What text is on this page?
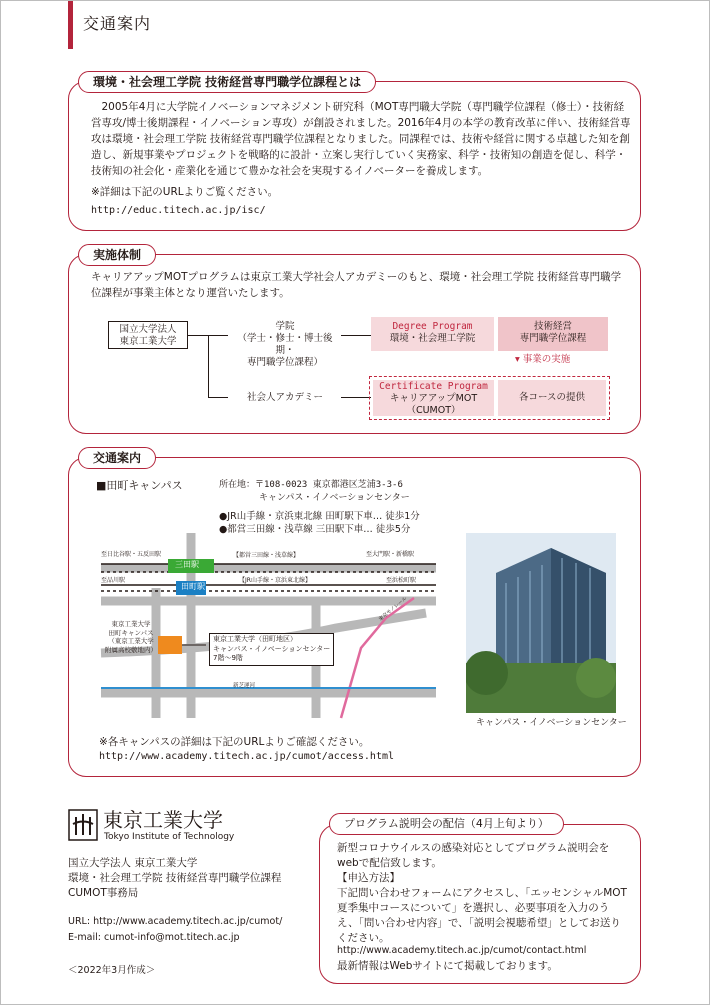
交通案内
環境・社会理工学院 技術経営専門職学位課程とは
2005年4月に大学院イノベーションマネジメント研究科（MOT専門職大学院（専門職学位課程（修士）・技術経営専攻/博士後期課程・イノベーション専攻）が創設されました。2016年4月の本学の教育改革に伴い、技術経営専攻は環境・社会理工学院 技術経営専門職学位課程となりました。同課程では、技術や経営に関する卓越した知を創造し、新規事業やプロジェクトを戦略的に設計・立案し実行していく実務家、科学・技術知の創造を促し、科学・技術知の社会化・産業化を通じて豊かな社会を実現するイノベーターを養成します。
※詳細は下記のURLよりご覧ください。
http://educ.titech.ac.jp/isc/
実施体制
キャリアアップMOTプログラムは東京工業大学社会人アカデミーのもと、環境・社会理工学院 技術経営専門職学位課程が事業主体となり運営いたします。
国立大学法人
東京工業大学
学院
（学士・修士・博士後期・
専門職学位課程）
社会人アカデミー
Degree Program
環境・社会理工学院
技術経営
専門職学位課程
▾ 事業の実施
Certificate Program
キャリアアップMOT
（CUMOT）
各コースの提供
交通案内
■田町キャンパス	所在地：〒108-0023 東京都港区芝浦3-3-6
キャンパス・イノベーションセンター
●JR山手線・京浜東北線 田町駅下車… 徒歩1分
●都営三田線・浅草線 三田駅下車… 徒歩5分
三田駅
田町駅
【都営三田線・浅草線】
【JR山手線・京浜東北線】
至日比谷駅・五反田駅	至大門駅・新橋駅
至品川駅	至浜松町駅
東京工業大学
田町キャンパス
（東京工業大学
附属高校敷地内）
東京工業大学（田町地区）
キャンパス・イノベーションセンター
7階～9階
東京モノレール
新芝運河
キャンパス・イノベーションセンター
※各キャンパスの詳細は下記のURLよりご確認ください。
http://www.academy.titech.ac.jp/cumot/access.html
東京工業大学
Tokyo Institute of Technology
国立大学法人 東京工業大学
環境・社会理工学院 技術経営専門職学位課程
CUMOT事務局
URL: http://www.academy.titech.ac.jp/cumot/
E-mail: cumot-info@mot.titech.ac.jp
＜2022年3月作成＞
プログラム説明会の配信（4月上旬より）
新型コロナウイルスの感染対応としてプログラム説明会をwebで配信致します。
【申込方法】
下記問い合わせフォームにアクセスし、「エッセンシャルMOT夏季集中コースについて」を選択し、必要事項を入力のうえ、「問い合わせ内容」で、「説明会視聴希望」としてお送りください。
http://www.academy.titech.ac.jp/cumot/contact.html
最新情報はWebサイトにて掲載しております。
